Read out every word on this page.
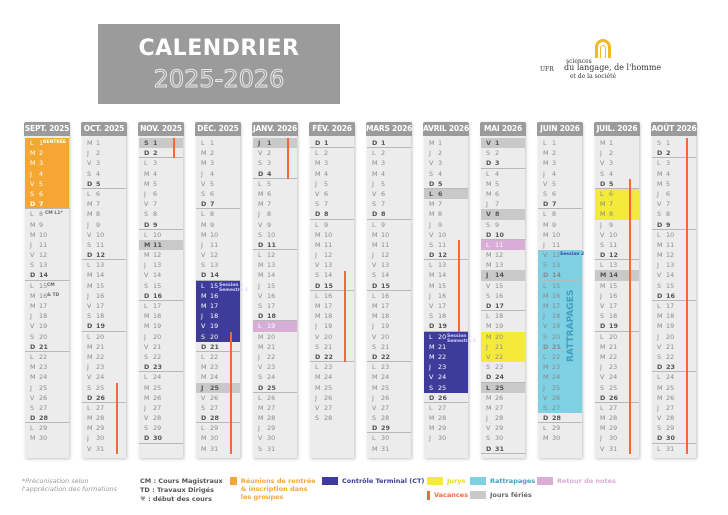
CALENDRIER
2025-2026	UFR
sciences
du langage, de l'homme
et de la société
SEPT. 2025
L 1
M 2
M 3
J 4
V 5
S 6
D 7
L 8
M 9
M 10
J 11
V 12
S 13
D 14
L 15
M 16
M 17
J 18
V 19
S 20
D 21
L 22
M 23
M 24
J 25
V 26
S 27
D 28
L 29
M 30
OCT. 2025
M 1
J 2
V 3
S 4
D 5
L 6
M 7
M 8
J 9
V 10
S 11
D 12
L 13
M 14
M 15
J 16
V 17
S 18
D 19
L 20
M 21
M 22
J 23
V 24
S 25
D 26
L 27
M 28
M 29
J 30
V 31
NOV. 2025
S 1
D 2
L 3
M 4
M 5
J 6
V 7
S 8
D 9
L 10
M 11
M 12
J 13
V 14
S 15
D 16
L 17
M 18
M 19
J 20
V 21
S 22
D 23
L 24
M 25
M 26
J 27
V 28
S 29
D 30
DÉC. 2025
L 1
M 2
M 3
J 4
V 5
S 6
D 7
L 8
M 9
M 10
J 11
V 12
S 13
D 14
L 15
M 16
M 17
J 18
V 19
S 20
D 21
L 22
M 23
M 24
J 25
V 26
S 27
D 28
L 29
M 30
M 31
JANV. 2026
J 1
V 2
S 3
D 4
L 5
M 6
M 7
J 8
V 9
S 10
D 11
L 12
M 13
M 14
J 15
V 16
S 17
D 18
L 19
M 20
M 21
J 22
V 23
S 24
D 25
L 26
M 27
M 28
J 29
V 30
S 31
FÉV. 2026
D 1
L 2
M 3
M 4
J 5
V 6
S 7
D 8
L 9
M 10
M 11
J 12
V 13
S 14
D 15
L 16
M 17
M 18
J 19
V 20
S 21
D 22
L 23
M 24
M 25
J 26
V 27
S 28
MARS 2026
D 1
L 2
M 3
M 4
J 5
V 6
S 7
D 8
L 9
M 10
M 11
J 12
V 13
S 14
D 15
L 16
M 17
M 18
J 19
V 20
S 21
D 22
L 23
M 24
M 25
J 26
V 27
S 28
D 29
L 30
M 31
AVRIL 2026
M 1
J 2
V 3
S 4
D 5
L 6
M 7
M 8
J 9
V 10
S 11
D 12
L 13
M 14
M 15
J 16
V 17
S 18
D 19
L 20
M 21
M 22
J 23
V 24
S 25
D 26
L 27
M 28
M 29
J 30
MAI 2026
V 1
S 2
D 3
L 4
M 5
M 6
J 7
V 8
S 9
D 10
L 11
M 12
M 13
J 14
V 15
S 16
D 17
L 18
M 19
M 20
J 21
V 22
S 23
D 24
L 25
M 26
M 27
J 28
V 29
S 30
D 31
JUIN 2026
L 1
M 2
M 3
J 4
V 5
S 6
D 7
L 8
M 9
M 10
J 11
V 12
S 13
D 14
L 15
M 16
M 17
J 18
V 19
S 20
D 21
L 22
M 23
M 24
J 25
V 26
S 27
D 28
L 29
M 30
JUIL. 2026
M 1
J 2
V 3
S 4
D 5
L 6
M 7
M 8
J 9
V 10
S 11
D 12
L 13
M 14
M 15
J 16
V 17
S 18
D 19
L 20
M 21
M 22
J 23
V 24
S 25
D 26
L 27
M 28
M 29
J 30
V 31
AOÛT 2026
S 1
D 2
L 3
M 4
M 5
J 6
V 7
S 8
D 9
L 10
M 11
M 12
J 13
V 14
S 15
D 16
L 17
M 18
M 19
J 20
V 21
S 22
D 23
L 24
M 25
M 26
J 27
V 28
S 29
D 30
L 31
RENTRÉE
CM L1*
CM
& TD
Session 1
Semestre 1
Session 1
Semestre 2
Session 2
RATTRAPAGES
*Préconisation selon l'appréciation des formations
CM : Cours Magistraux
TD : Travaux Dirigés
♥ : début des cours
Réunions de rentrée & inscription dans les groupes
Contrôle Terminal (CT)	Jurys	Rattrapages	Retour de notes
Vacances	Jours fériés
